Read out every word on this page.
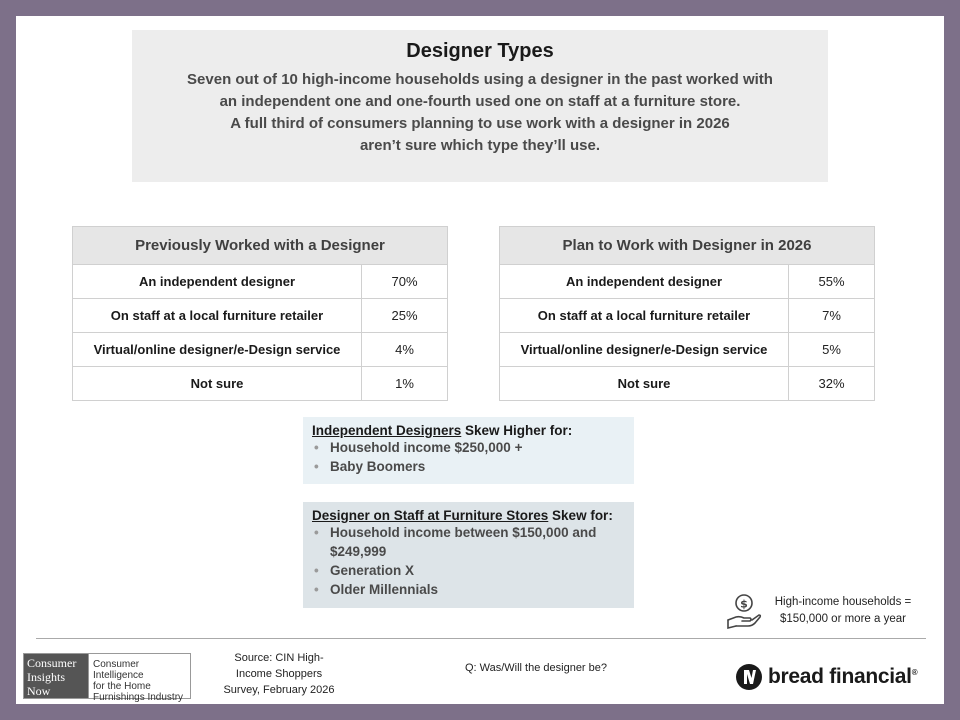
Designer Types
Seven out of 10 high-income households using a designer in the past worked with
an independent one and one-fourth used one on staff at a furniture store.
A full third of consumers planning to use work with a designer in 2026
aren’t sure which type they’ll use.
Previously Worked with a Designer	
An independent designer	70%
On staff at a local furniture retailer	25%
Virtual/online designer/e-Design service	4%
Not sure	1%
Plan to Work with Designer in 2026	
An independent designer	55%
On staff at a local furniture retailer	7%
Virtual/online designer/e-Design service	5%
Not sure	32%
Independent Designers Skew Higher for:
• Household income $250,000 +
• Baby Boomers
Designer on Staff at Furniture Stores Skew for:
• Household income between $150,000 and $249,999
• Generation X
• Older Millennials
$	High-income households =
$150,000 or more a year
Consumer
Insights
Now
Consumer Intelligence
for the Home
Furnishings Industry
Source: CIN High-
Income Shoppers
Survey, February 2026
Q: Was/Will the designer be?	bread financial®
